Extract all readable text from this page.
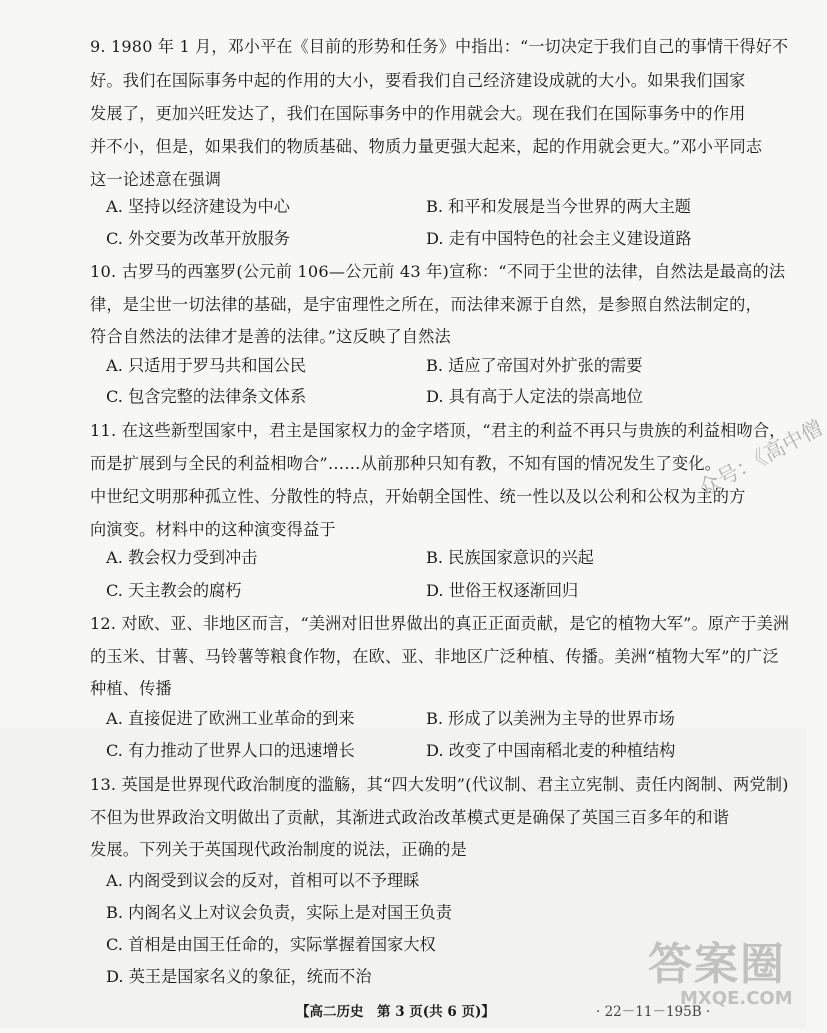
9. 1980 年 1 月，邓小平在《目前的形势和任务》中指出：“一切决定于我们自己的事情干得好不
好。我们在国际事务中起的作用的大小，要看我们自己经济建设成就的大小。如果我们国家
发展了，更加兴旺发达了，我们在国际事务中的作用就会大。现在我们在国际事务中的作用
并不小，但是，如果我们的物质基础、物质力量更强大起来，起的作用就会更大。”邓小平同志
这一论述意在强调
A. 坚持以经济建设为中心	B. 和平和发展是当今世界的两大主题
C. 外交要为改革开放服务	D. 走有中国特色的社会主义建设道路
10. 古罗马的西塞罗(公元前 106—公元前 43 年)宣称：“不同于尘世的法律，自然法是最高的法
律，是尘世一切法律的基础，是宇宙理性之所在，而法律来源于自然，是参照自然法制定的，
符合自然法的法律才是善的法律。”这反映了自然法
A. 只适用于罗马共和国公民	B. 适应了帝国对外扩张的需要
C. 包含完整的法律条文体系	D. 具有高于人定法的崇高地位
11. 在这些新型国家中，君主是国家权力的金字塔顶，“君主的利益不再只与贵族的利益相吻合，
而是扩展到与全民的利益相吻合”……从前那种只知有教，不知有国的情况发生了变化。
中世纪文明那种孤立性、分散性的特点，开始朝全国性、统一性以及以公利和公权为主的方
向演变。材料中的这种演变得益于
A. 教会权力受到冲击	B. 民族国家意识的兴起
C. 天主教会的腐朽	D. 世俗王权逐渐回归
12. 对欧、亚、非地区而言，“美洲对旧世界做出的真正正面贡献，是它的植物大军”。原产于美洲
的玉米、甘薯、马铃薯等粮食作物，在欧、亚、非地区广泛种植、传播。美洲“植物大军”的广泛
种植、传播
A. 直接促进了欧洲工业革命的到来	B. 形成了以美洲为主导的世界市场
C. 有力推动了世界人口的迅速增长	D. 改变了中国南稻北麦的种植结构
13. 英国是世界现代政治制度的滥觞，其“四大发明”(代议制、君主立宪制、责任内阁制、两党制)
不但为世界政治文明做出了贡献，其渐进式政治改革模式更是确保了英国三百多年的和谐
发展。下列关于英国现代政治制度的说法，正确的是
A. 内阁受到议会的反对，首相可以不予理睬
B. 内阁名义上对议会负责，实际上是对国王负责
C. 首相是由国王任命的，实际掌握着国家大权
D. 英王是国家名义的象征，统而不治
【高二历史　第 3 页(共 6 页)】	· 22－11－195B ·
众号：《高中僧
答案圈
MXQE.COM
